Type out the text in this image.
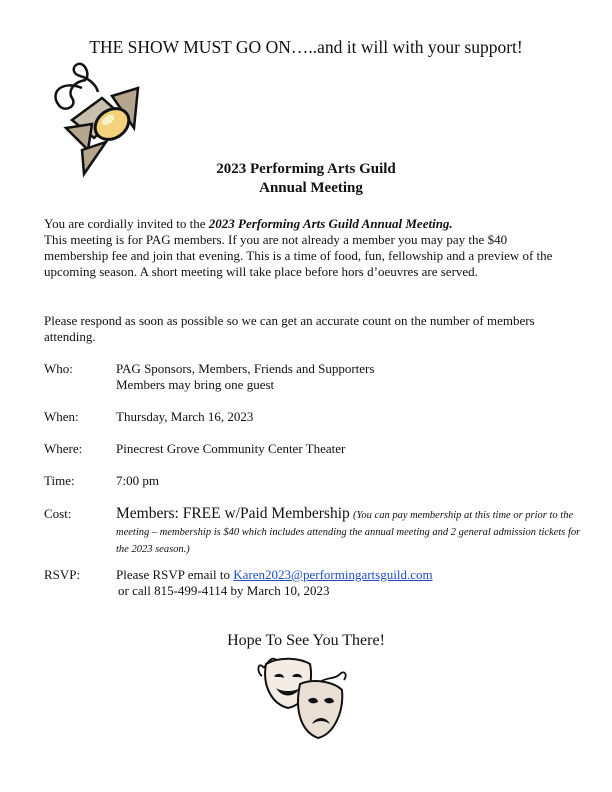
THE SHOW MUST GO ON…..and it will with your support!
2023 Performing Arts Guild
Annual Meeting
You are cordially invited to the 2023 Performing Arts Guild Annual Meeting.
This meeting is for PAG members. If you are not already a member you may pay the $40 membership fee and join that evening. This is a time of food, fun, fellowship and a preview of the upcoming season. A short meeting will take place before hors d’oeuvres are served.
Please respond as soon as possible so we can get an accurate count on the number of members attending.
Who:	PAG Sponsors, Members, Friends and Supporters
Members may bring one guest
When:	Thursday, March 16, 2023
Where:	Pinecrest Grove Community Center Theater
Time:	7:00 pm
Cost:	Members: FREE w/Paid Membership (You can pay membership at this time or prior to the meeting – membership is $40 which includes attending the annual meeting and 2 general admission tickets for the 2023 season.)
RSVP:	Please RSVP email to Karen2023@performingartsguild.com
or call 815-499-4114 by March 10, 2023
Hope To See You There!
